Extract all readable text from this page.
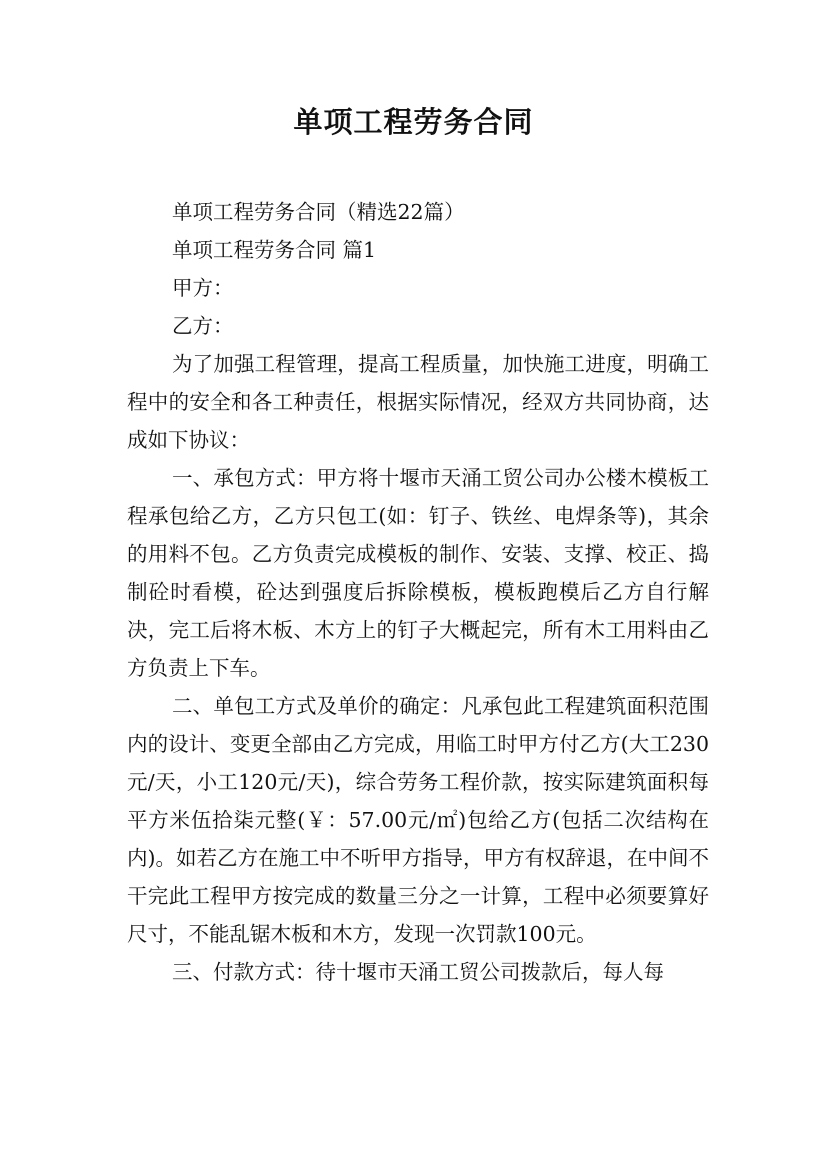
单项工程劳务合同

单项工程劳务合同（精选22篇）

单项工程劳务合同 篇1

甲方：

乙方：

为了加强工程管理，提高工程质量，加快施工进度，明确工程中的安全和各工种责任，根据实际情况，经双方共同协商，达成如下协议：

一、承包方式：甲方将十堰市天涌工贸公司办公楼木模板工程承包给乙方，乙方只包工(如：钉子、铁丝、电焊条等)，其余的用料不包。乙方负责完成模板的制作、安装、支撑、校正、捣制砼时看模，砼达到强度后拆除模板，模板跑模后乙方自行解决，完工后将木板、木方上的钉子大概起完，所有木工用料由乙方负责上下车。

二、单包工方式及单价的确定：凡承包此工程建筑面积范围内的设计、变更全部由乙方完成，用临工时甲方付乙方(大工230元/天，小工120元/天)，综合劳务工程价款，按实际建筑面积每平方米伍拾柒元整(￥：57.00元/㎡)包给乙方(包括二次结构在内)。如若乙方在施工中不听甲方指导，甲方有权辞退，在中间不干完此工程甲方按完成的数量三分之一计算，工程中必须要算好尺寸，不能乱锯木板和木方，发现一次罚款100元。

三、付款方式：待十堰市天涌工贸公司拨款后，每人每
